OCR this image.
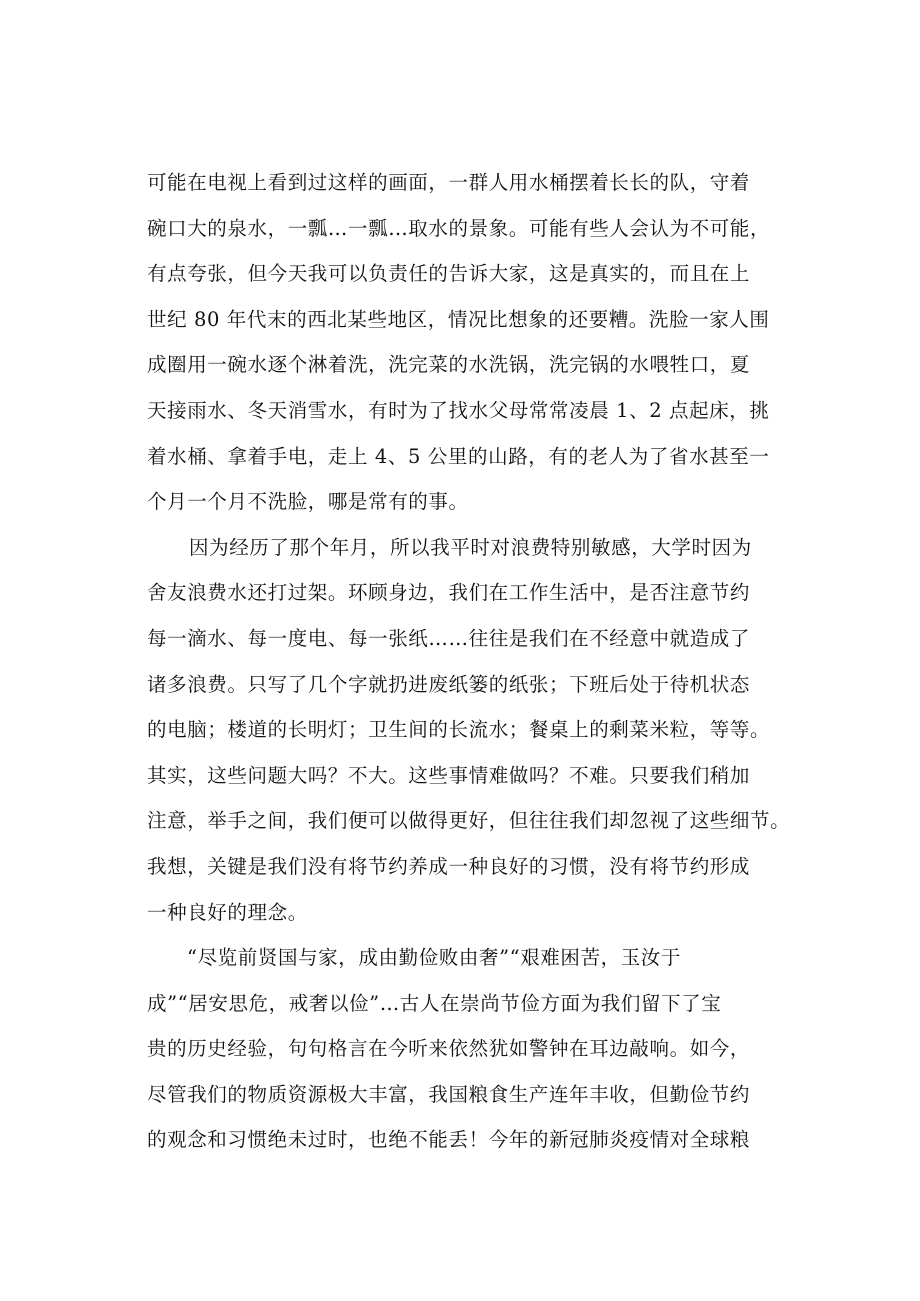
可能在电视上看到过这样的画面，一群人用水桶摆着长长的队，守着
碗口大的泉水，一瓢…一瓢…取水的景象。可能有些人会认为不可能，
有点夸张，但今天我可以负责任的告诉大家，这是真实的，而且在上
世纪 80 年代末的西北某些地区，情况比想象的还要糟。洗脸一家人围
成圈用一碗水逐个淋着洗，洗完菜的水洗锅，洗完锅的水喂牲口，夏
天接雨水、冬天消雪水，有时为了找水父母常常凌晨 1、2 点起床，挑
着水桶、拿着手电，走上 4、5 公里的山路，有的老人为了省水甚至一
个月一个月不洗脸，哪是常有的事。
因为经历了那个年月，所以我平时对浪费特别敏感，大学时因为
舍友浪费水还打过架。环顾身边，我们在工作生活中，是否注意节约
每一滴水、每一度电、每一张纸……往往是我们在不经意中就造成了
诸多浪费。只写了几个字就扔进废纸篓的纸张；下班后处于待机状态
的电脑；楼道的长明灯；卫生间的长流水；餐桌上的剩菜米粒，等等。
其实，这些问题大吗？不大。这些事情难做吗？不难。只要我们稍加
注意，举手之间，我们便可以做得更好，但往往我们却忽视了这些细节。
我想，关键是我们没有将节约养成一种良好的习惯，没有将节约形成
一种良好的理念。
“尽览前贤国与家，成由勤俭败由奢”“艰难困苦，玉汝于
成”“居安思危，戒奢以俭”…古人在崇尚节俭方面为我们留下了宝
贵的历史经验，句句格言在今听来依然犹如警钟在耳边敲响。如今，
尽管我们的物质资源极大丰富，我国粮食生产连年丰收，但勤俭节约
的观念和习惯绝未过时，也绝不能丢！今年的新冠肺炎疫情对全球粮
